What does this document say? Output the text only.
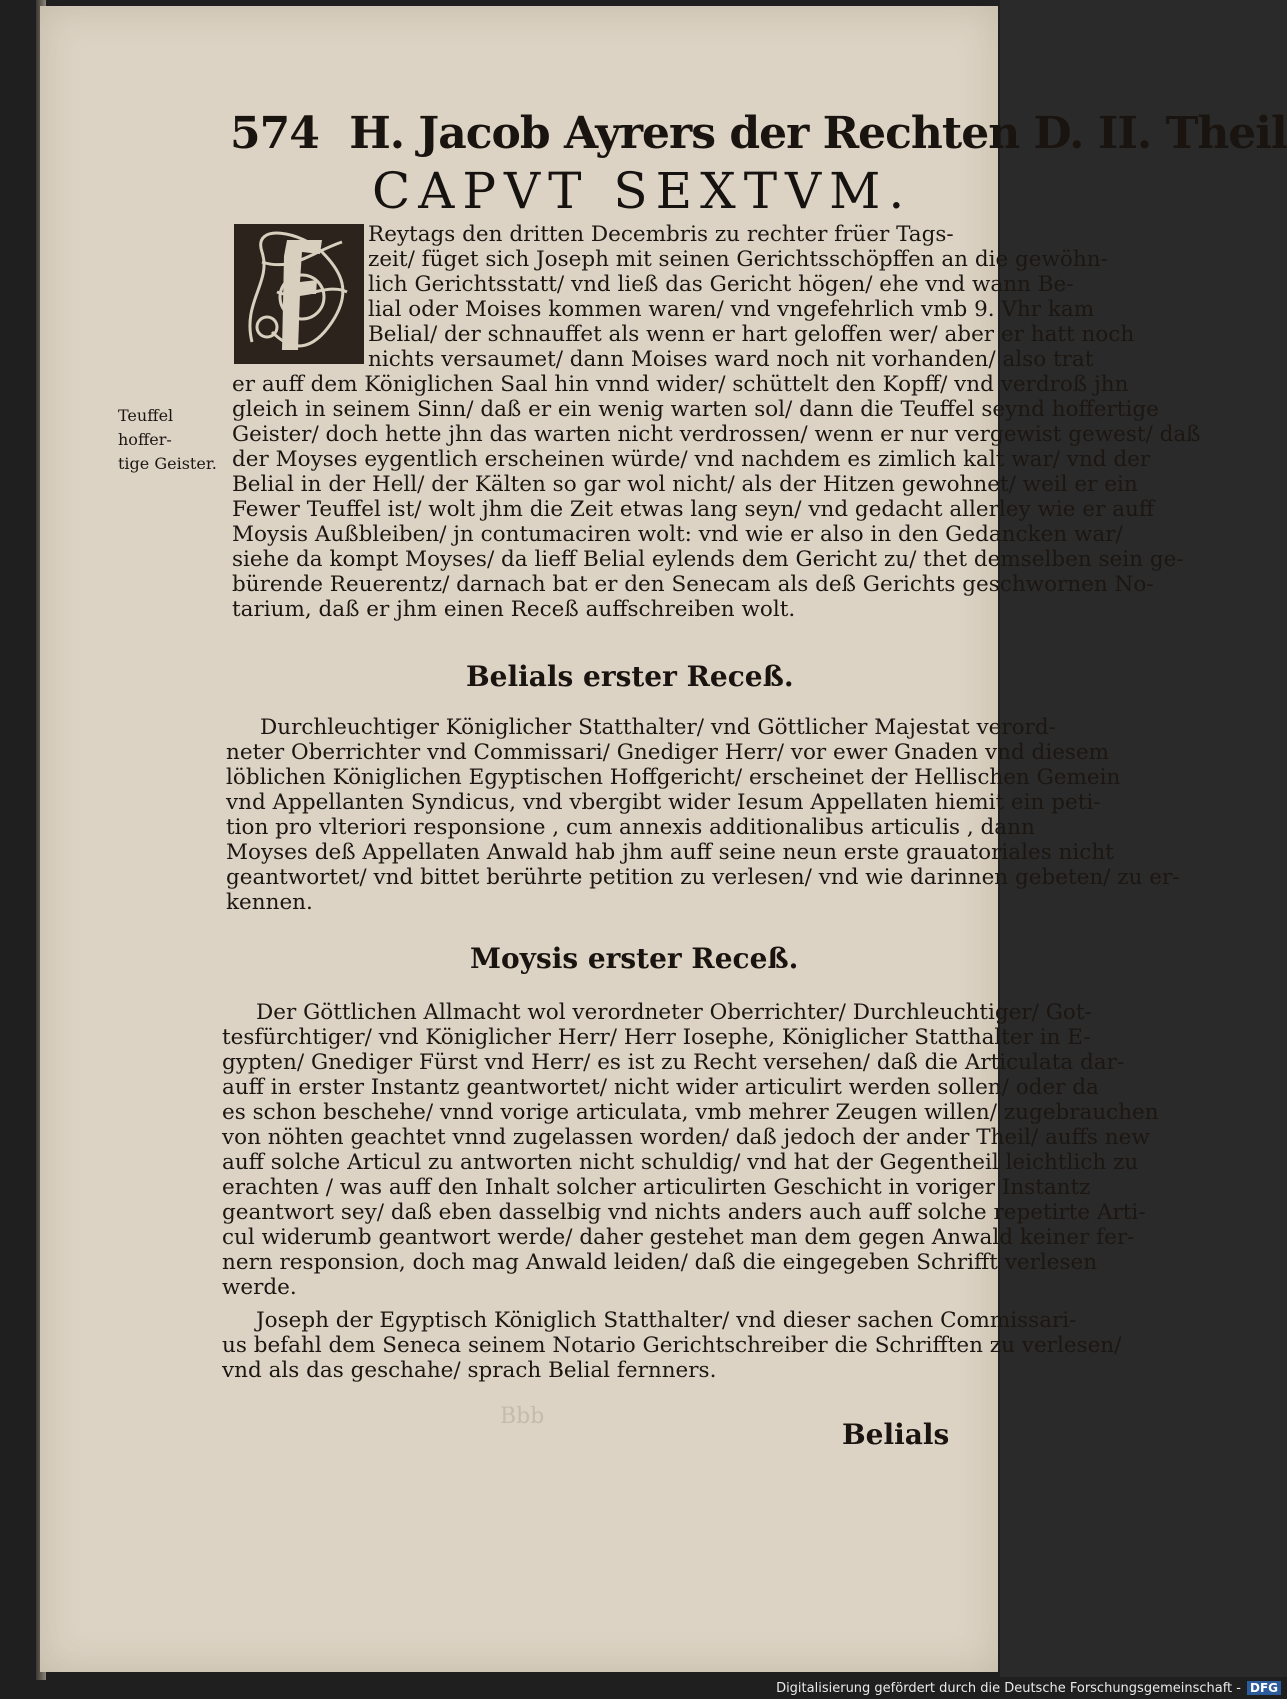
574 H. Jacob Ayrers der Rechten D. II. Theil
CAPVT SEXTVM.
Reytags den dritten Decembris zu rechter früer Tags-
zeit/ füget sich Joseph mit seinen Gerichtsschöpffen an die gewöhn-
lich Gerichtsstatt/ vnd ließ das Gericht högen/ ehe vnd wann Be-
lial oder Moises kommen waren/ vnd vngefehrlich vmb 9. Vhr kam
Belial/ der schnauffet als wenn er hart geloffen wer/ aber er hatt noch
nichts versaumet/ dann Moises ward noch nit vorhanden/ also trat
er auff dem Königlichen Saal hin vnnd wider/ schüttelt den Kopff/ vnd verdroß jhn
gleich in seinem Sinn/ daß er ein wenig warten sol/ dann die Teuffel seynd hoffertige
Geister/ doch hette jhn das warten nicht verdrossen/ wenn er nur vergewist gewest/ daß
der Moyses eygentlich erscheinen würde/ vnd nachdem es zimlich kalt war/ vnd der
Belial in der Hell/ der Kälten so gar wol nicht/ als der Hitzen gewohnet/ weil er ein
Fewer Teuffel ist/ wolt jhm die Zeit etwas lang seyn/ vnd gedacht allerley wie er auff
Moysis Außbleiben/ jn contumaciren wolt: vnd wie er also in den Gedancken war/
siehe da kompt Moyses/ da lieff Belial eylends dem Gericht zu/ thet demselben sein ge-
bürende Reuerentz/ darnach bat er den Senecam als deß Gerichts geschwornen No-
tarium, daß er jhm einen Receß auffschreiben wolt.
Teuffel hoffer-
tige Geister.
Belials erster Receß.
Durchleuchtiger Königlicher Statthalter/ vnd Göttlicher Majestat verord-
neter Oberrichter vnd Commissari/ Gnediger Herr/ vor ewer Gnaden vnd diesem
löblichen Königlichen Egyptischen Hoffgericht/ erscheinet der Hellischen Gemein
vnd Appellanten Syndicus, vnd vbergibt wider Iesum Appellaten hiemit ein peti-
tion pro vlteriori responsione , cum annexis additionalibus articulis , dann
Moyses deß Appellaten Anwald hab jhm auff seine neun erste grauatoriales nicht
geantwortet/ vnd bittet berührte petition zu verlesen/ vnd wie darinnen gebeten/ zu er-
kennen.
Moysis erster Receß.
Der Göttlichen Allmacht wol verordneter Oberrichter/ Durchleuchtiger/ Got-
tesfürchtiger/ vnd Königlicher Herr/ Herr Iosephe, Königlicher Statthalter in E-
gypten/ Gnediger Fürst vnd Herr/ es ist zu Recht versehen/ daß die Articulata dar-
auff in erster Instantz geantwortet/ nicht wider articulirt werden sollen/ oder da
es schon beschehe/ vnnd vorige articulata, vmb mehrer Zeugen willen/ zugebrauchen
von nöhten geachtet vnnd zugelassen worden/ daß jedoch der ander Theil/ auffs new
auff solche Articul zu antworten nicht schuldig/ vnd hat der Gegentheil leichtlich zu
erachten / was auff den Inhalt solcher articulirten Geschicht in voriger Instantz
geantwort sey/ daß eben dasselbig vnd nichts anders auch auff solche repetirte Arti-
cul widerumb geantwort werde/ daher gestehet man dem gegen Anwald keiner fer-
nern responsion, doch mag Anwald leiden/ daß die eingegeben Schrifft verlesen
werde.
Joseph der Egyptisch Königlich Statthalter/ vnd dieser sachen Commissari-
us befahl dem Seneca seinem Notario Gerichtschreiber die Schrifften zu verlesen/
vnd als das geschahe/ sprach Belial fernners.
Bbb
Belials
Digitalisierung gefördert durch die Deutsche Forschungsgemeinschaft - DFG
